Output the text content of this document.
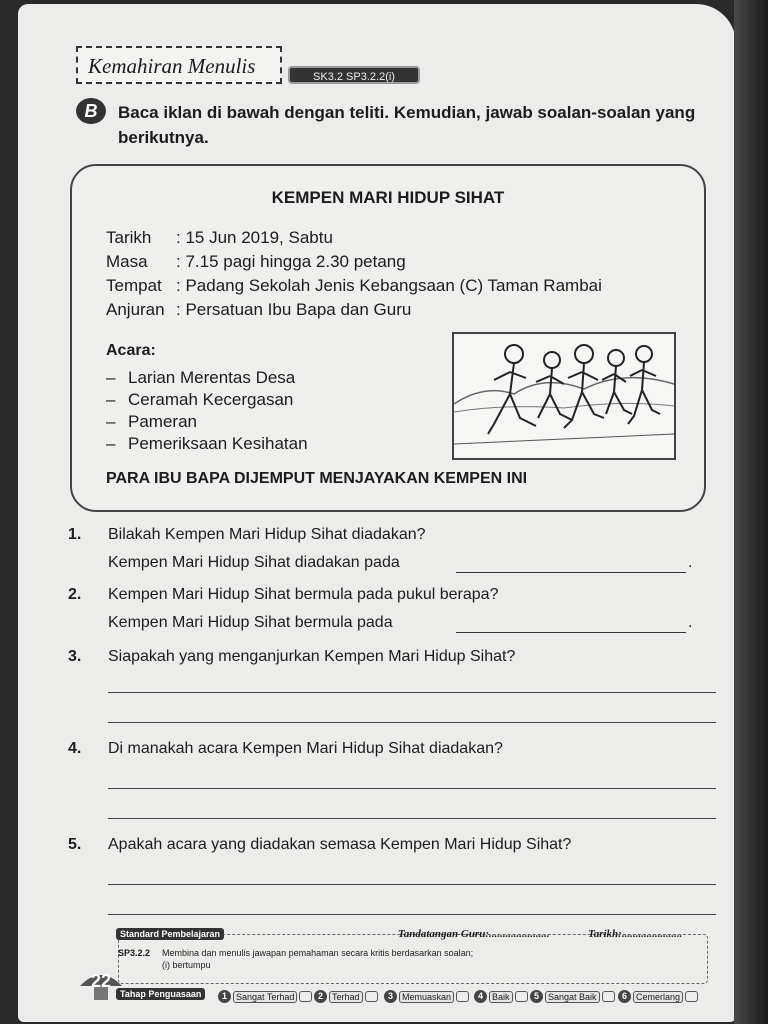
Kemahiran Menulis	SK3.2 SP3.2.2(i)
B	Baca iklan di bawah dengan teliti. Kemudian, jawab soalan-soalan yang berikutnya.
KEMPEN MARI HIDUP SIHAT
Tarikh : 15 Jun 2019, Sabtu
Masa : 7.15 pagi hingga 2.30 petang
Tempat : Padang Sekolah Jenis Kebangsaan (C) Taman Rambai
Anjuran : Persatuan Ibu Bapa dan Guru
Acara:
– Larian Merentas Desa
– Ceramah Kecergasan
– Pameran
– Pemeriksaan Kesihatan
PARA IBU BAPA DIJEMPUT MENJAYAKAN KEMPEN INI
1. Bilakah Kempen Mari Hidup Sihat diadakan?
Kempen Mari Hidup Sihat diadakan pada	.
2. Kempen Mari Hidup Sihat bermula pada pukul berapa?
Kempen Mari Hidup Sihat bermula pada	.
3. Siapakah yang menganjurkan Kempen Mari Hidup Sihat?
4. Di manakah acara Kempen Mari Hidup Sihat diadakan?
5. Apakah acara yang diadakan semasa Kempen Mari Hidup Sihat?
Standard Pembelajaran	Tandatangan Guru:......................	Tarikh:......................
SP3.2.2 Membina dan menulis jawapan pemahaman secara kritis berdasarkan soalan;
(i) bertumpu
22
Tahap Penguasaan	1	Sangat Terhad	2	Terhad	3	Memuaskan	4	Baik	5	Sangat Baik	6	Cemerlang
